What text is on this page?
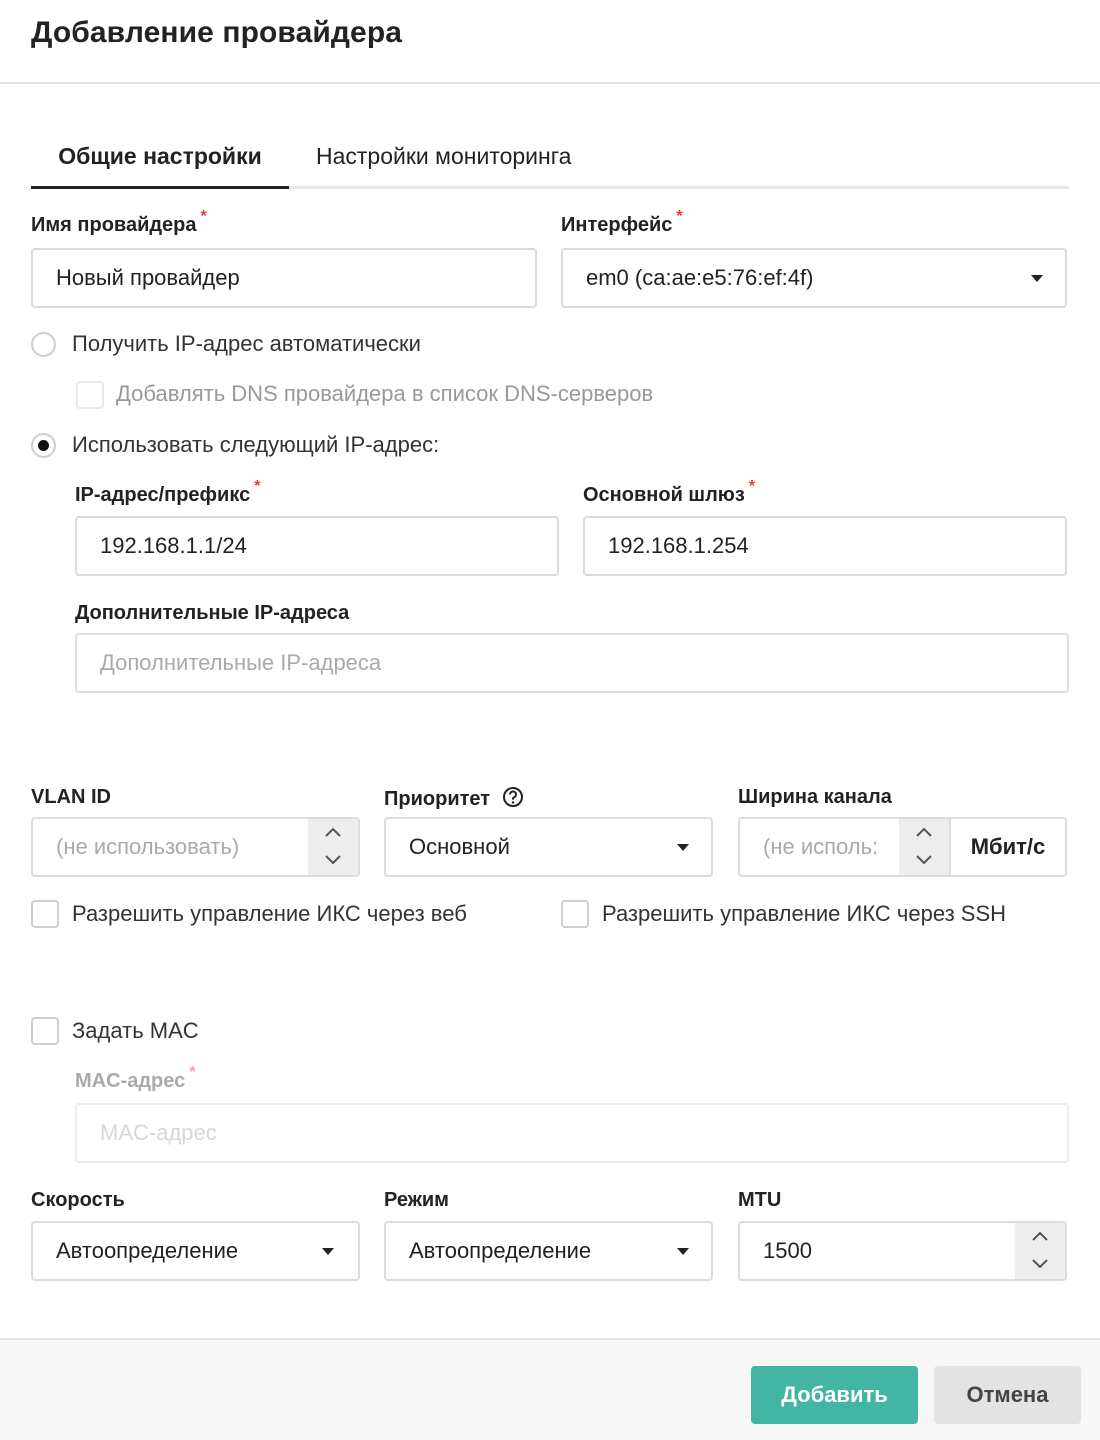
Добавление провайдера
Общие настройки	Настройки мониторинга
Имя провайдера *
Новый провайдер
Интерфейс *
em0 (ca:ae:e5:76:ef:4f)
Получить IP-адрес автоматически
Добавлять DNS провайдера в список DNS-серверов
Использовать следующий IP-адрес:
IP-адрес/префикс *
192.168.1.1/24
Основной шлюз *
192.168.1.254
Дополнительные IP-адреса
Дополнительные IP-адреса
VLAN ID
(не использовать)
Приоритет
Основной
Ширина канала
(не исполь:	Мбит/с
Разрешить управление ИКС через веб	Разрешить управление ИКС через SSH
Задать MAC
MAC-адрес *
MAC-адрес
Скорость
Автоопределение
Режим
Автоопределение
MTU
1500
Добавить	Отмена
